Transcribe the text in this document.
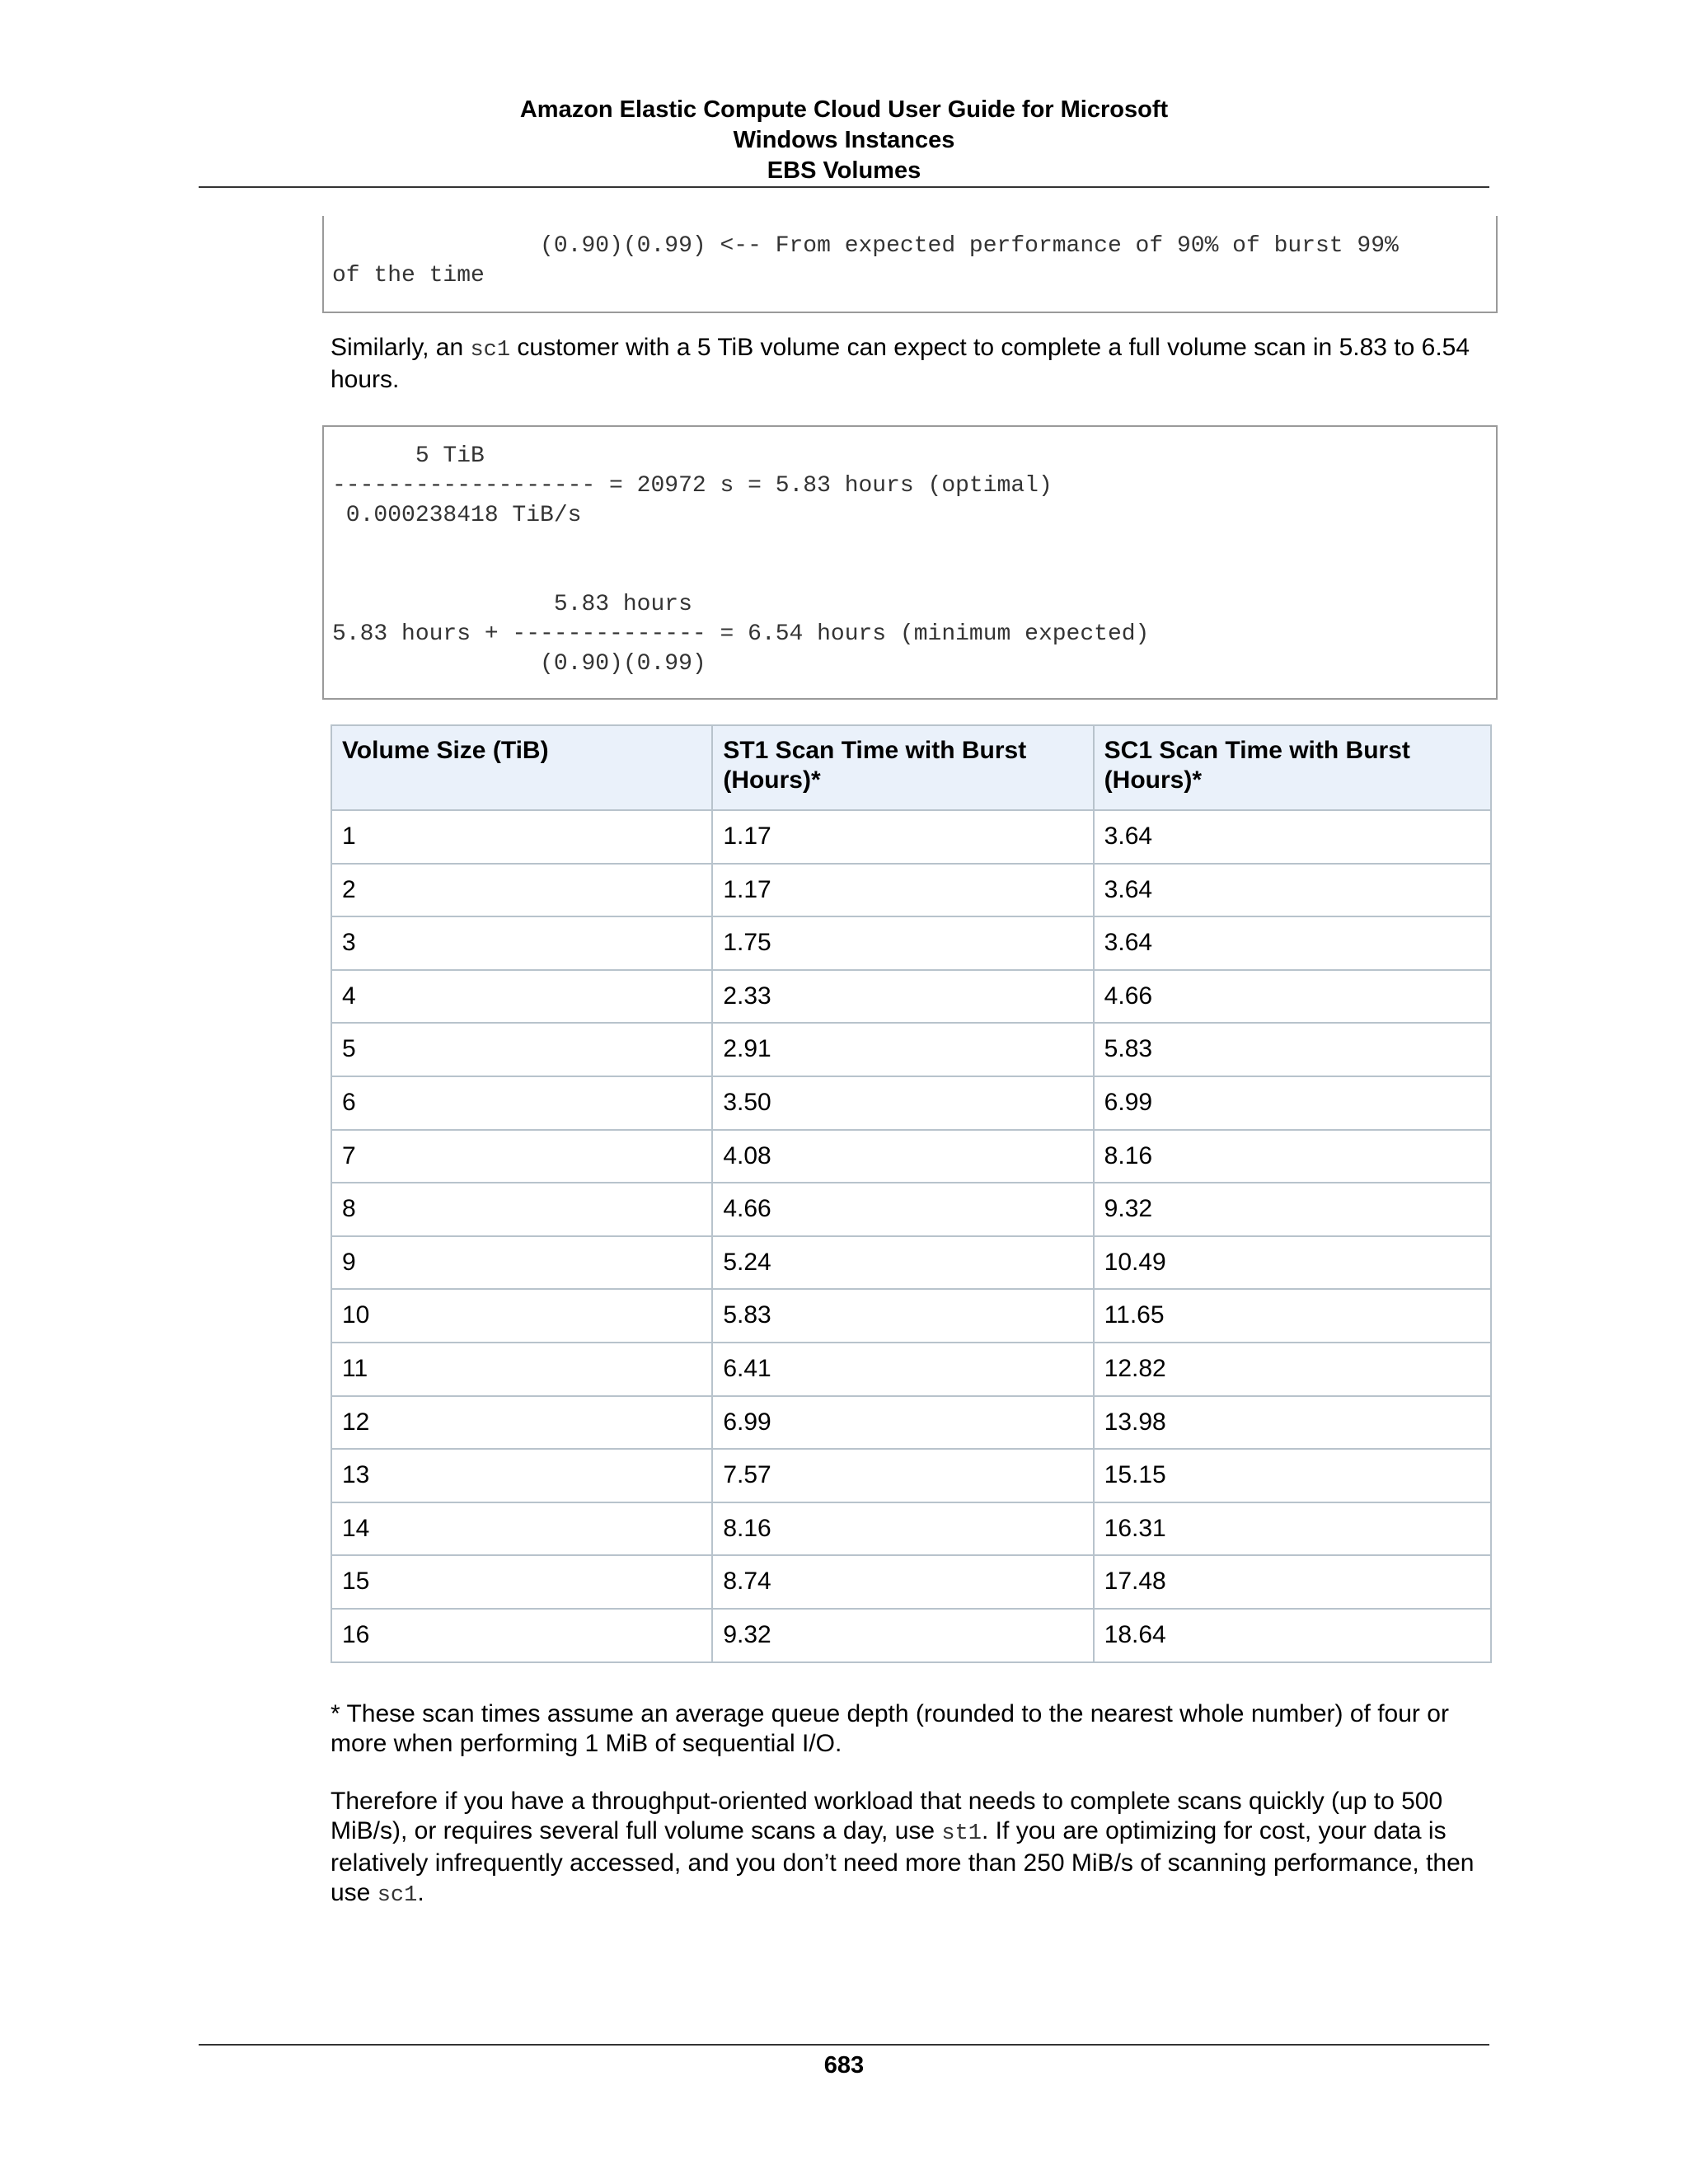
Amazon Elastic Compute Cloud User Guide for Microsoft
Windows Instances
EBS Volumes
(0.90)(0.99) <-- From expected performance of 90% of burst 99%
of the time
Similarly, an sc1 customer with a 5 TiB volume can expect to complete a full volume scan in 5.83 to 6.54 hours.
5 TiB
------------------- = 20972 s = 5.83 hours (optimal)
0.000238418 TiB/s

5.83 hours
5.83 hours + -------------- = 6.54 hours (minimum expected)
(0.90)(0.99)
Volume Size (TiB)	ST1 Scan Time with Burst (Hours)*	SC1 Scan Time with Burst (Hours)*
1	1.17	3.64
2	1.17	3.64
3	1.75	3.64
4	2.33	4.66
5	2.91	5.83
6	3.50	6.99
7	4.08	8.16
8	4.66	9.32
9	5.24	10.49
10	5.83	11.65
11	6.41	12.82
12	6.99	13.98
13	7.57	15.15
14	8.16	16.31
15	8.74	17.48
16	9.32	18.64
* These scan times assume an average queue depth (rounded to the nearest whole number) of four or more when performing 1 MiB of sequential I/O.
Therefore if you have a throughput-oriented workload that needs to complete scans quickly (up to 500 MiB/s), or requires several full volume scans a day, use st1. If you are optimizing for cost, your data is relatively infrequently accessed, and you don’t need more than 250 MiB/s of scanning performance, then use sc1.
683
